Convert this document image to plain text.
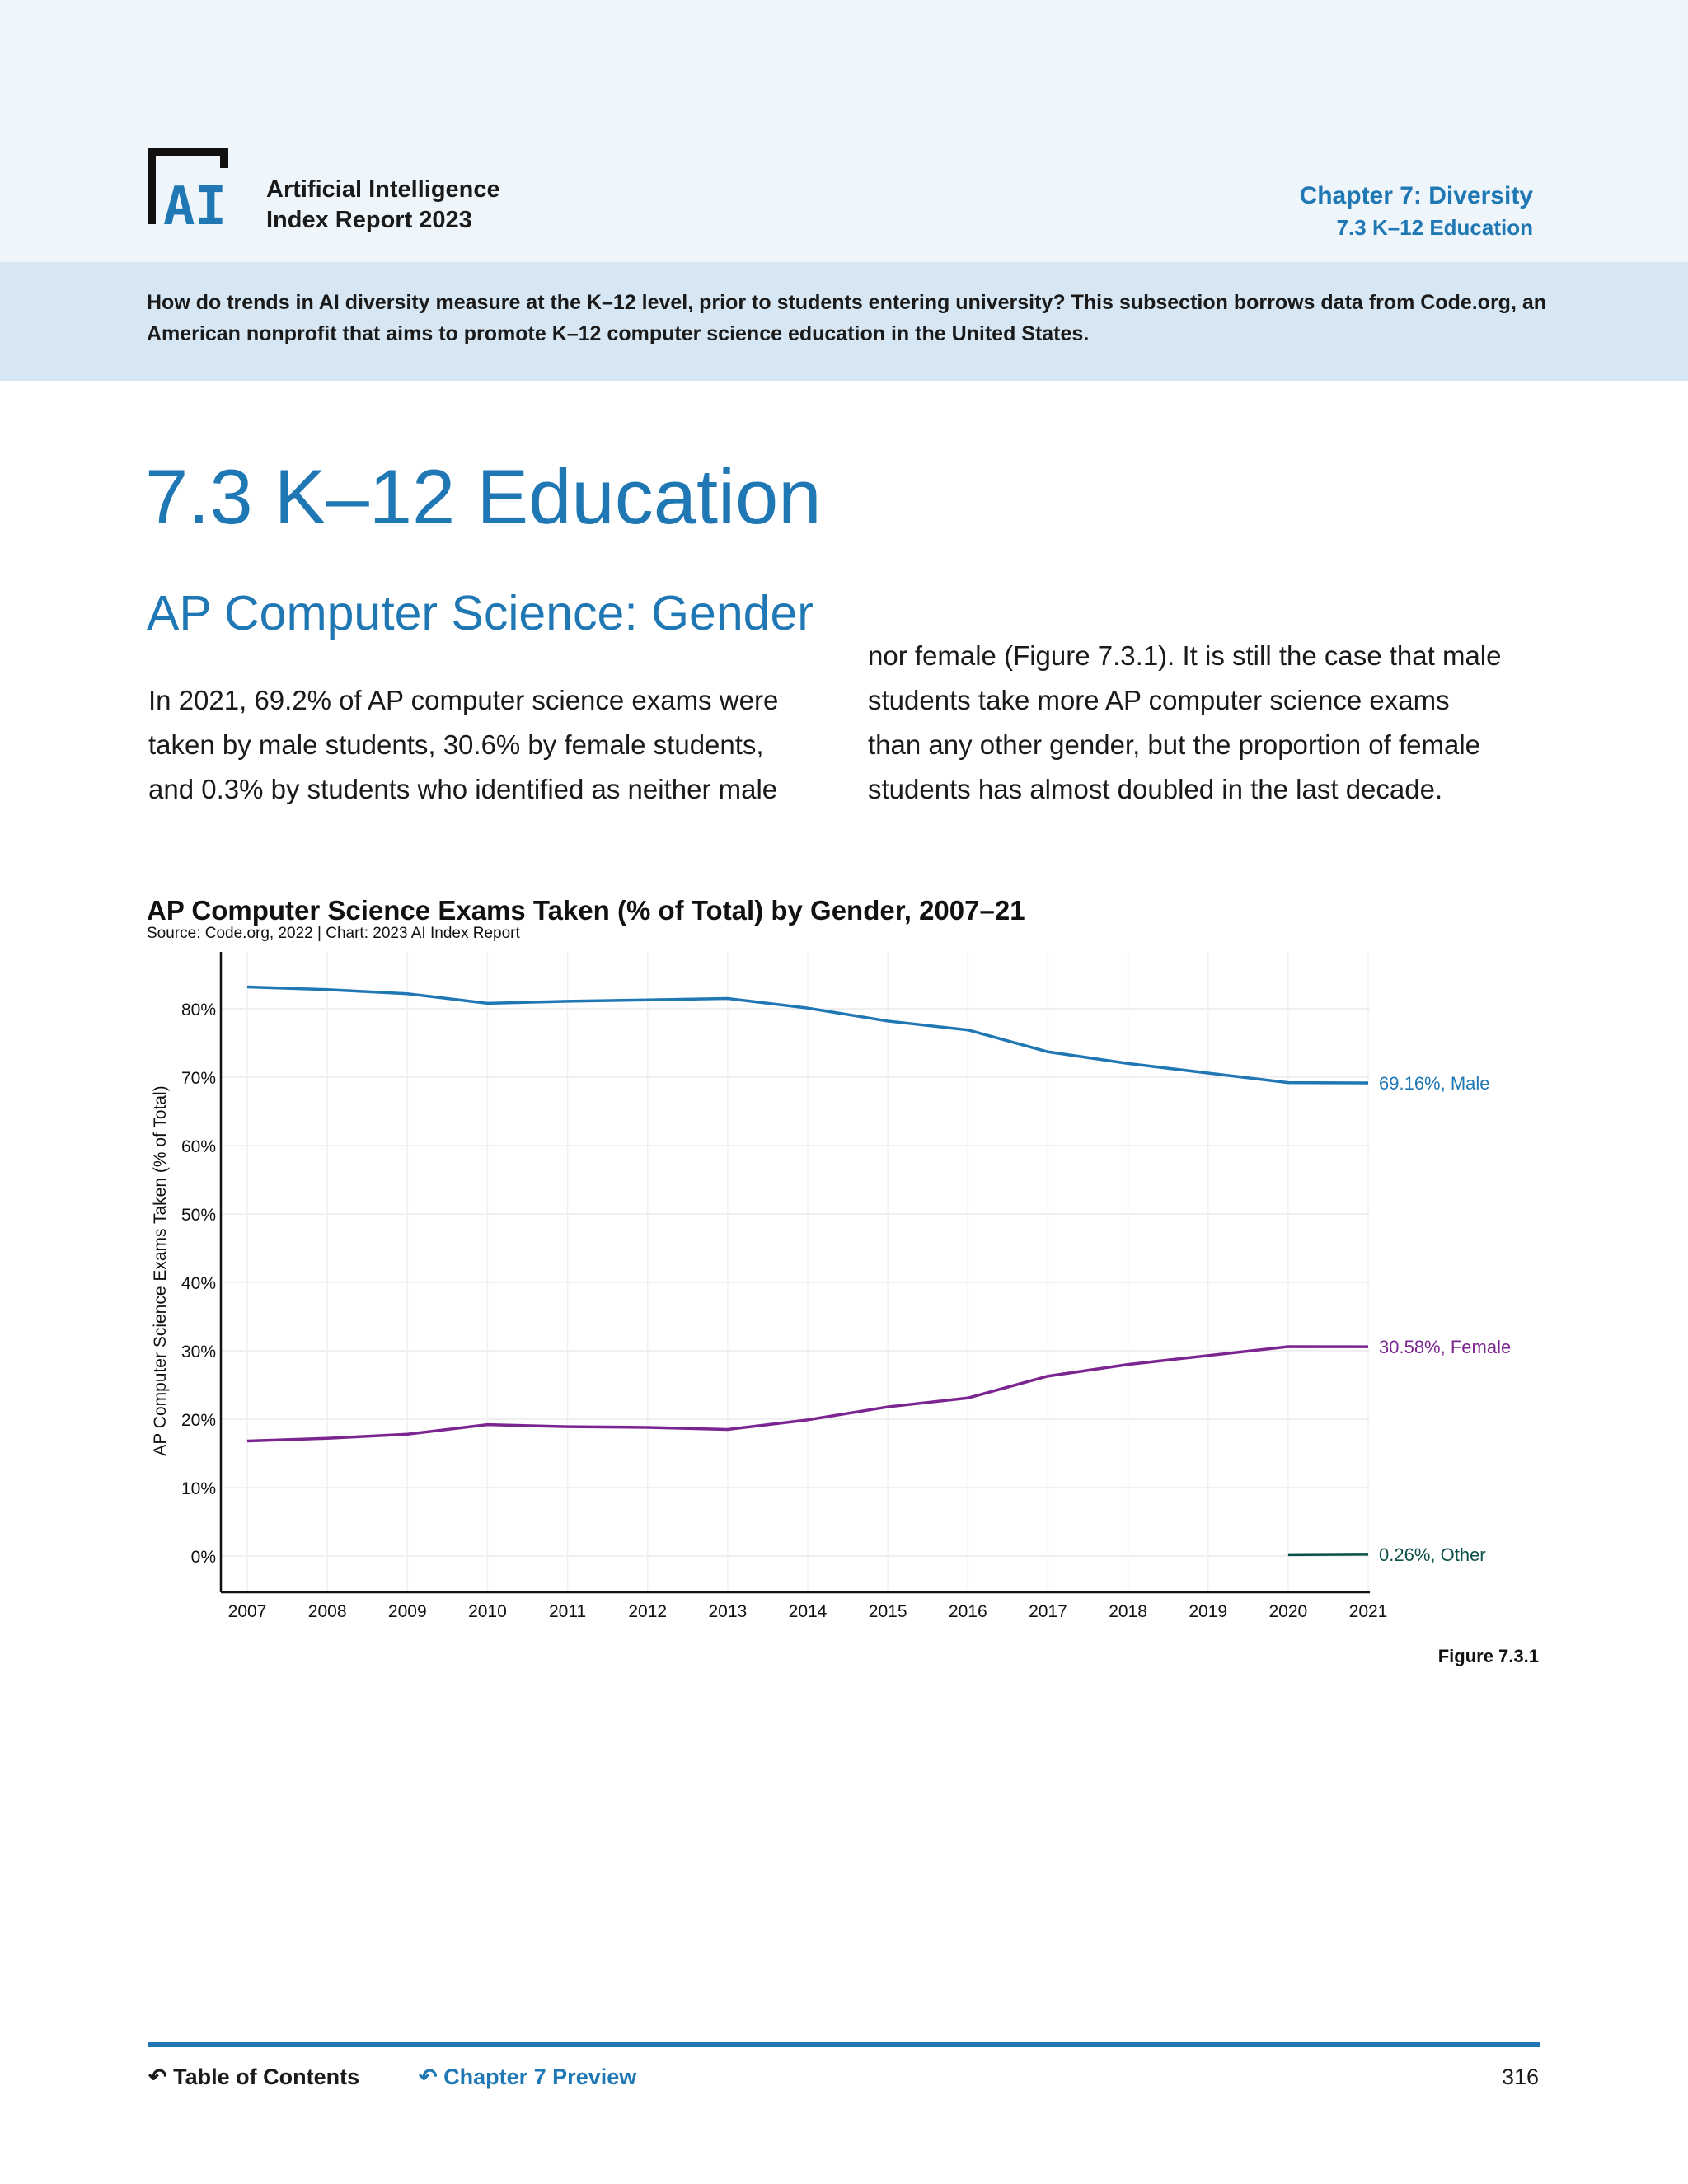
AI Artificial Intelligence
Index Report 2023
Chapter 7: Diversity
7.3 K–12 Education

How do trends in AI diversity measure at the K–12 level, prior to students entering university? This subsection borrows data from Code.org, an American nonprofit that aims to promote K–12 computer science education in the United States.

7.3 K–12 Education
AP Computer Science: Gender
In 2021, 69.2% of AP computer science exams were
taken by male students, 30.6% by female students,
and 0.3% by students who identified as neither male
nor female (Figure 7.3.1). It is still the case that male
students take more AP computer science exams
than any other gender, but the proportion of female
students has almost doubled in the last decade.
AP Computer Science Exams Taken (% of Total) by Gender, 2007–21
Source: Code.org, 2022 | Chart: 2023 AI Index Report
0%
10%
20%
30%
40%
50%
60%
70%
80%
2007 2008 2009 2010 2011 2012 2013 2014 2015 2016 2017 2018 2019 2020 2021
AP Computer Science Exams Taken (% of Total)
69.16%, Male
30.58%, Female
0.26%, Other
Figure 7.3.1
↶ Table of Contents	↶ Chapter 7 Preview	316
